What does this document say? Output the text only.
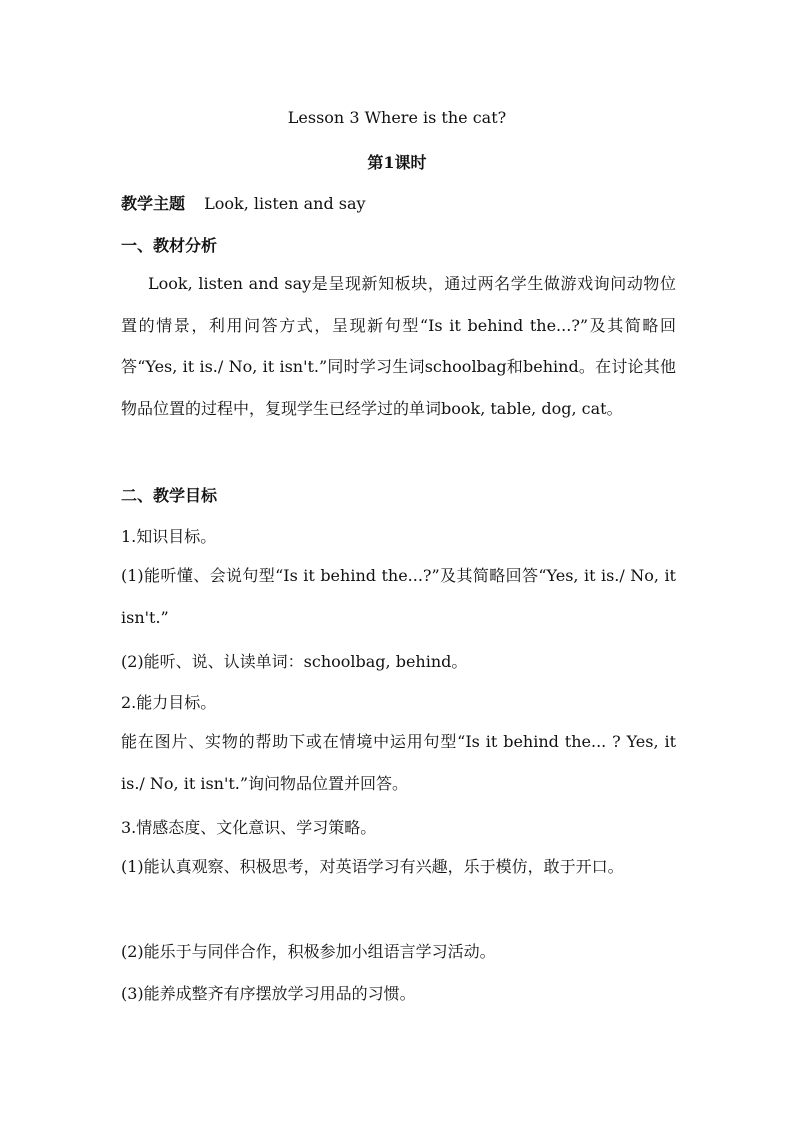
Lesson 3 Where is the cat?
第1课时
教学主题 Look, listen and say
一、教材分析
Look, listen and say是呈现新知板块，通过两名学生做游戏询问动物位置的情景，利用问答方式，呈现新句型“Is it behind the...?”及其简略回答“Yes, it is./ No, it isn't.”同时学习生词schoolbag和behind。在讨论其他物品位置的过程中，复现学生已经学过的单词book, table, dog, cat。
二、教学目标
1.知识目标。
(1)能听懂、会说句型“Is it behind the...?”及其简略回答“Yes, it is./ No, it isn't.”
(2)能听、说、认读单词：schoolbag, behind。
2.能力目标。
能在图片、实物的帮助下或在情境中运用句型“Is it behind the... ? Yes, it is./ No, it isn't.”询问物品位置并回答。
3.情感态度、文化意识、学习策略。
(1)能认真观察、积极思考，对英语学习有兴趣，乐于模仿，敢于开口。
(2)能乐于与同伴合作，积极参加小组语言学习活动。
(3)能养成整齐有序摆放学习用品的习惯。
